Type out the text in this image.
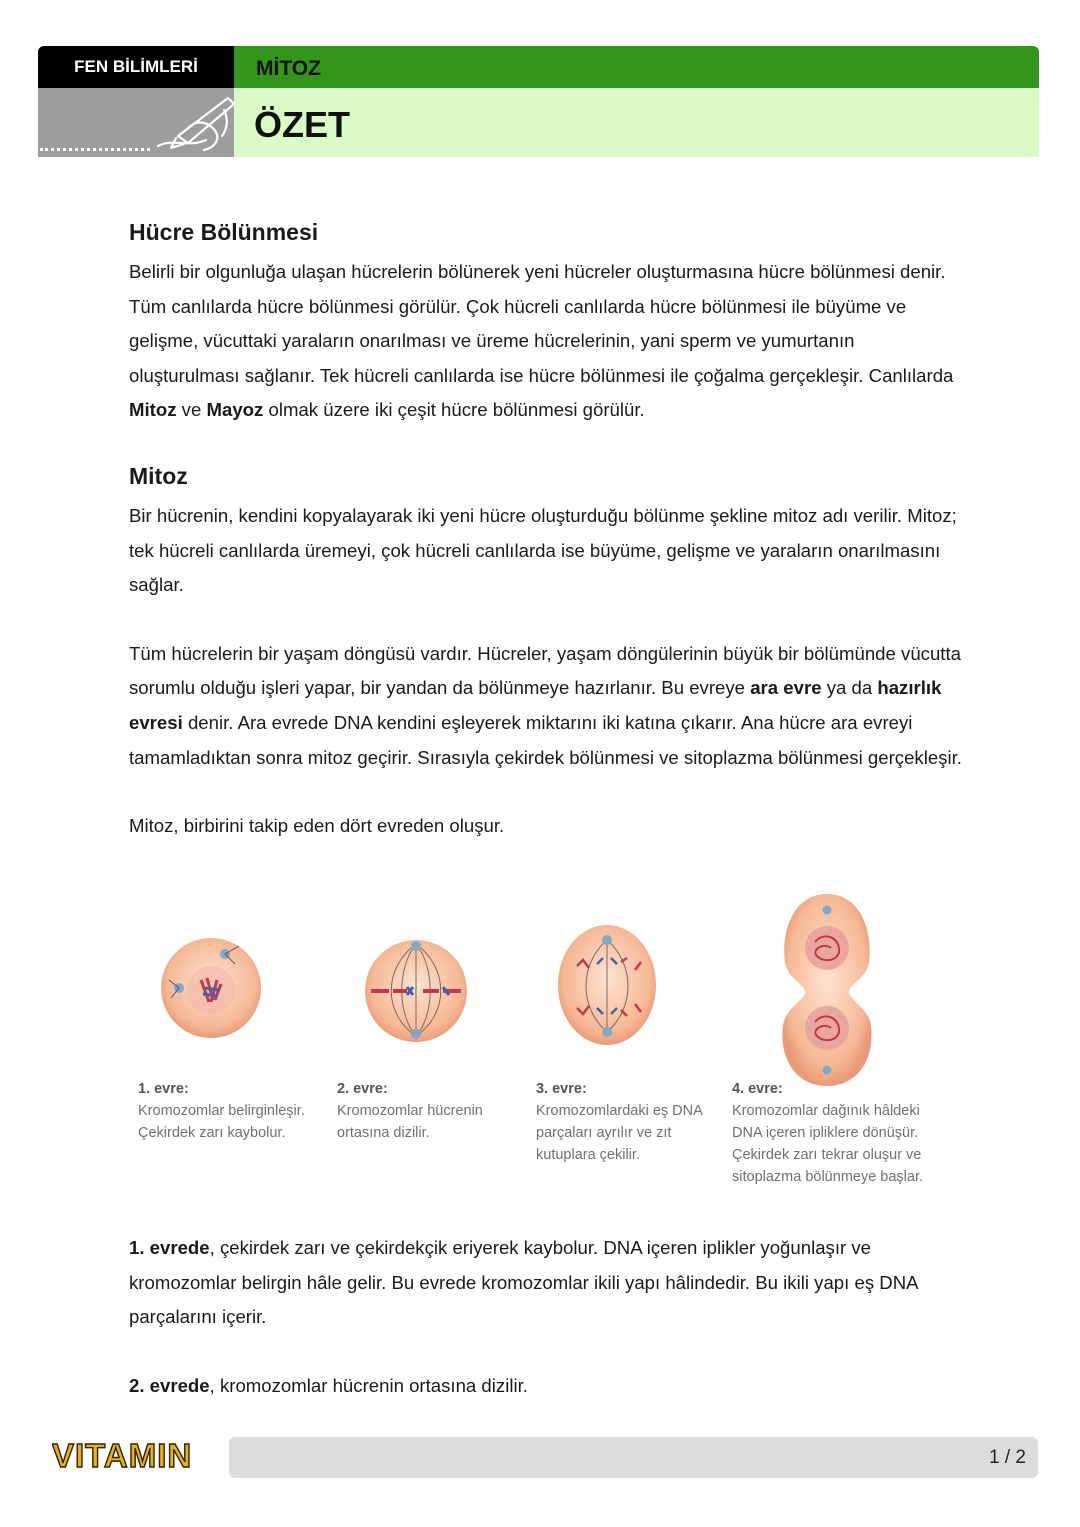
FEN BİLİMLERİ	MİTOZ
ÖZET
Hücre Bölünmesi

Belirli bir olgunluğa ulaşan hücrelerin bölünerek yeni hücreler oluşturmasına hücre bölünmesi denir. Tüm canlılarda hücre bölünmesi görülür. Çok hücreli canlılarda hücre bölünmesi ile büyüme ve gelişme, vücuttaki yaraların onarılması ve üreme hücrelerinin, yani sperm ve yumurtanın oluşturulması sağlanır. Tek hücreli canlılarda ise hücre bölünmesi ile çoğalma gerçekleşir. Canlılarda Mitoz ve Mayoz olmak üzere iki çeşit hücre bölünmesi görülür.

Mitoz

Bir hücrenin, kendini kopyalayarak iki yeni hücre oluşturduğu bölünme şekline mitoz adı verilir. Mitoz; tek hücreli canlılarda üremeyi, çok hücreli canlılarda ise büyüme, gelişme ve yaraların onarılmasını sağlar.

Tüm hücrelerin bir yaşam döngüsü vardır. Hücreler, yaşam döngülerinin büyük bir bölümünde vücutta sorumlu olduğu işleri yapar, bir yandan da bölünmeye hazırlanır. Bu evreye ara evre ya da hazırlık evresi denir. Ara evrede DNA kendini eşleyerek miktarını iki katına çıkarır. Ana hücre ara evreyi tamamladıktan sonra mitoz geçirir. Sırasıyla çekirdek bölünmesi ve sitoplazma bölünmesi gerçekleşir.

Mitoz, birbirini takip eden dört evreden oluşur.

1. evre:
Kromozomlar belirginleşir. Çekirdek zarı kaybolur.
2. evre:
Kromozomlar hücrenin ortasına dizilir.
3. evre:
Kromozomlardaki eş DNA parçaları ayrılır ve zıt kutuplara çekilir.
4. evre:
Kromozomlar dağınık hâldeki DNA içeren ipliklere dönüşür. Çekirdek zarı tekrar oluşur ve sitoplazma bölünmeye başlar.

1. evrede, çekirdek zarı ve çekirdekçik eriyerek kaybolur. DNA içeren iplikler yoğunlaşır ve kromozomlar belirgin hâle gelir. Bu evrede kromozomlar ikili yapı hâlindedir. Bu ikili yapı eş DNA parçalarını içerir.

2. evrede, kromozomlar hücrenin ortasına dizilir.

VITAMIN	1 / 2
